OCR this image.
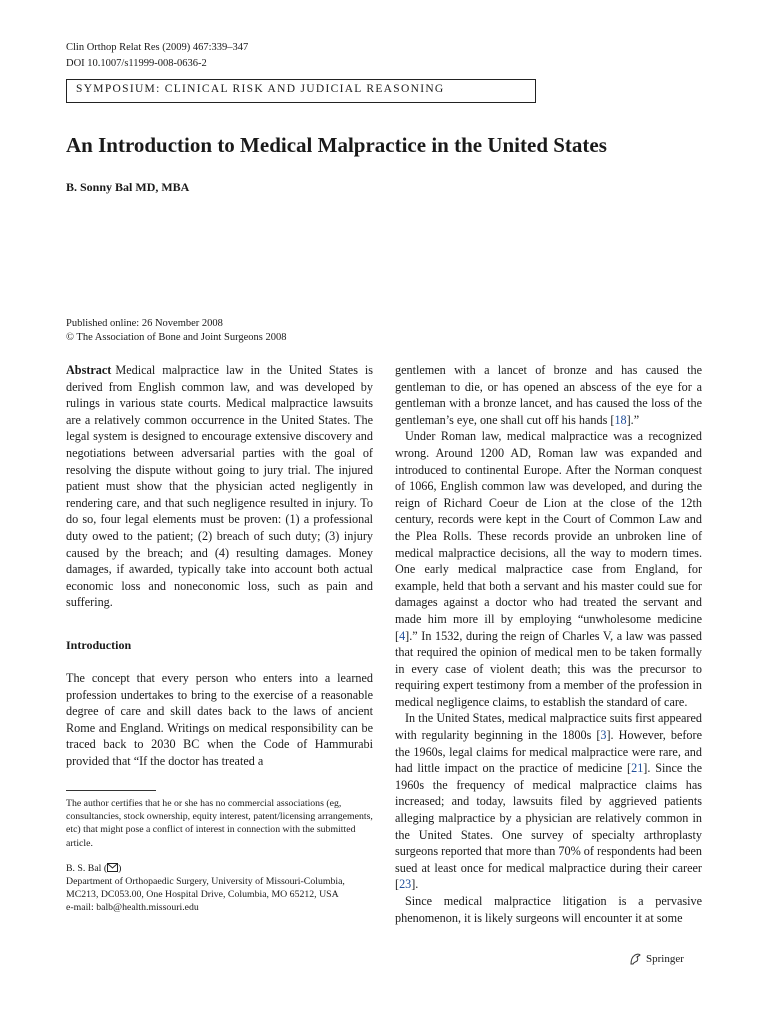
Clin Orthop Relat Res (2009) 467:339–347
DOI 10.1007/s11999-008-0636-2
SYMPOSIUM: CLINICAL RISK AND JUDICIAL REASONING
An Introduction to Medical Malpractice in the United States
B. Sonny Bal MD, MBA
Published online: 26 November 2008
© The Association of Bone and Joint Surgeons 2008

Abstract Medical malpractice law in the United States is derived from English common law, and was developed by rulings in various state courts. Medical malpractice lawsuits are a relatively common occurrence in the United States. The legal system is designed to encourage extensive discovery and negotiations between adversarial parties with the goal of resolving the dispute without going to jury trial. The injured patient must show that the physician acted negligently in rendering care, and that such negligence resulted in injury. To do so, four legal elements must be proven: (1) a professional duty owed to the patient; (2) breach of such duty; (3) injury caused by the breach; and (4) resulting damages. Money damages, if awarded, typically take into account both actual economic loss and noneconomic loss, such as pain and suffering.

Introduction

The concept that every person who enters into a learned profession undertakes to bring to the exercise of a reasonable degree of care and skill dates back to the laws of ancient Rome and England. Writings on medical responsibility can be traced back to 2030 BC when the Code of Hammurabi provided that “If the doctor has treated a

The author certifies that he or she has no commercial associations (eg, consultancies, stock ownership, equity interest, patent/licensing arrangements, etc) that might pose a conflict of interest in connection with the submitted article.
B. S. Bal ( )
Department of Orthopaedic Surgery, University of Missouri-Columbia, MC213, DC053.00, One Hospital Drive, Columbia, MO 65212, USA
e-mail: balb@health.missouri.edu

gentlemen with a lancet of bronze and has caused the gentleman to die, or has opened an abscess of the eye for a gentleman with a bronze lancet, and has caused the loss of the gentleman’s eye, one shall cut off his hands [18].”

Under Roman law, medical malpractice was a recognized wrong. Around 1200 AD, Roman law was expanded and introduced to continental Europe. After the Norman conquest of 1066, English common law was developed, and during the reign of Richard Coeur de Lion at the close of the 12th century, records were kept in the Court of Common Law and the Plea Rolls. These records provide an unbroken line of medical malpractice decisions, all the way to modern times. One early medical malpractice case from England, for example, held that both a servant and his master could sue for damages against a doctor who had treated the servant and made him more ill by employing “unwholesome medicine [4].” In 1532, during the reign of Charles V, a law was passed that required the opinion of medical men to be taken formally in every case of violent death; this was the precursor to requiring expert testimony from a member of the profession in medical negligence claims, to establish the standard of care.

In the United States, medical malpractice suits first appeared with regularity beginning in the 1800s [3]. However, before the 1960s, legal claims for medical malpractice were rare, and had little impact on the practice of medicine [21]. Since the 1960s the frequency of medical malpractice claims has increased; and today, lawsuits filed by aggrieved patients alleging malpractice by a physician are relatively common in the United States. One survey of specialty arthroplasty surgeons reported that more than 70% of respondents had been sued at least once for medical malpractice during their career [23].

Since medical malpractice litigation is a pervasive phenomenon, it is likely surgeons will encounter it at some

Springer
